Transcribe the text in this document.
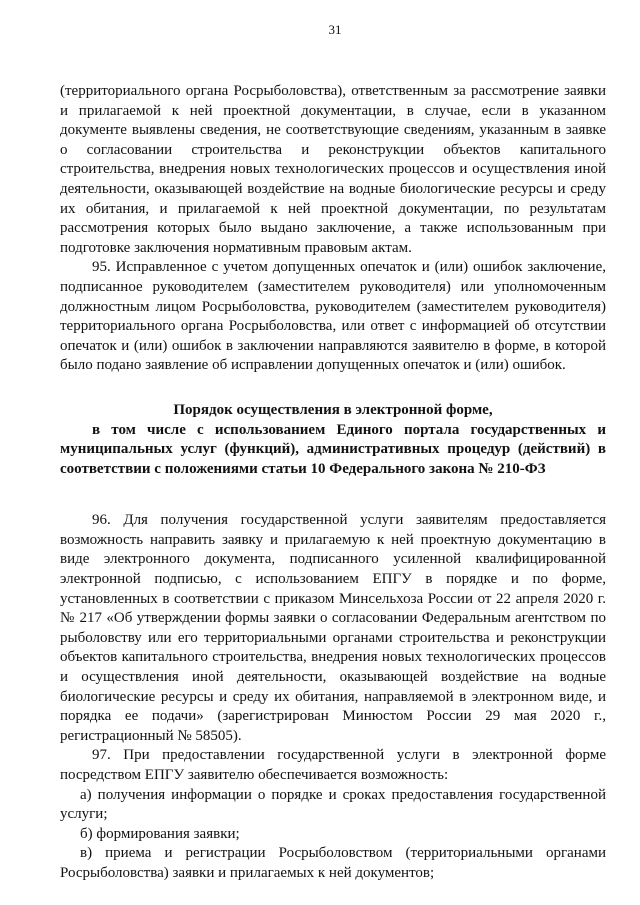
31

(территориального органа Росрыболовства), ответственным за рассмотрение заявки и прилагаемой к ней проектной документации, в случае, если в указанном документе выявлены сведения, не соответствующие сведениям, указанным в заявке о согласовании строительства и реконструкции объектов капитального строительства, внедрения новых технологических процессов и осуществления иной деятельности, оказывающей воздействие на водные биологические ресурсы и среду их обитания, и прилагаемой к ней проектной документации, по результатам рассмотрения которых было выдано заключение, а также использованным при подготовке заключения нормативным правовым актам.

95. Исправленное с учетом допущенных опечаток и (или) ошибок заключение, подписанное руководителем (заместителем руководителя) или уполномоченным должностным лицом Росрыболовства, руководителем (заместителем руководителя) территориального органа Росрыболовства, или ответ с информацией об отсутствии опечаток и (или) ошибок в заключении направляются заявителю в форме, в которой было подано заявление об исправлении допущенных опечаток и (или) ошибок.

Порядок осуществления в электронной форме,
в том числе с использованием Единого портала государственных и муниципальных услуг (функций), административных процедур (действий) в соответствии с положениями статьи 10 Федерального закона № 210-ФЗ

96. Для получения государственной услуги заявителям предоставляется возможность направить заявку и прилагаемую к ней проектную документацию в виде электронного документа, подписанного усиленной квалифицированной электронной подписью, с использованием ЕПГУ в порядке и по форме, установленных в соответствии с приказом Минсельхоза России от 22 апреля 2020 г. № 217 «Об утверждении формы заявки о согласовании Федеральным агентством по рыболовству или его территориальными органами строительства и реконструкции объектов капитального строительства, внедрения новых технологических процессов и осуществления иной деятельности, оказывающей воздействие на водные биологические ресурсы и среду их обитания, направляемой в электронном виде, и порядка ее подачи» (зарегистрирован Минюстом России 29 мая 2020 г., регистрационный № 58505).

97. При предоставлении государственной услуги в электронной форме посредством ЕПГУ заявителю обеспечивается возможность:

а) получения информации о порядке и сроках предоставления государственной услуги;

б) формирования заявки;

в) приема и регистрации Росрыболовством (территориальными органами Росрыболовства) заявки и прилагаемых к ней документов;
